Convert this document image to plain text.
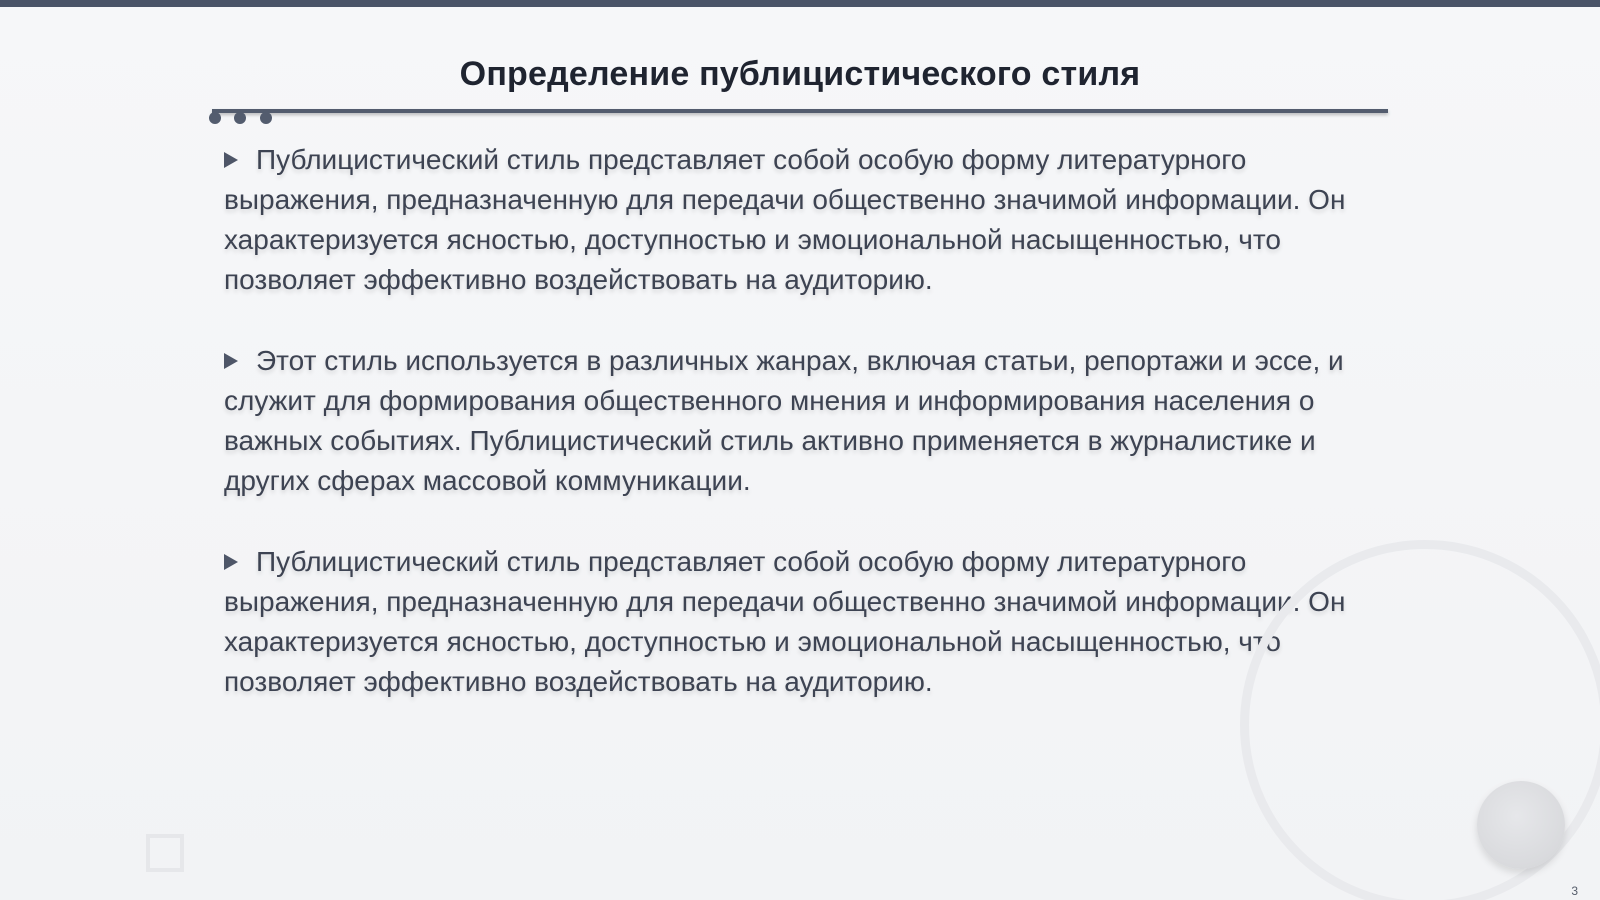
Определение публицистического стиля

Публицистический стиль представляет собой особую форму литературного выражения, предназначенную для передачи общественно значимой информации. Он характеризуется ясностью, доступностью и эмоциональной насыщенностью, что позволяет эффективно воздействовать на аудиторию.

Этот стиль используется в различных жанрах, включая статьи, репортажи и эссе, и служит для формирования общественного мнения и информирования населения о важных событиях. Публицистический стиль активно применяется в журналистике и других сферах массовой коммуникации.

Публицистический стиль представляет собой особую форму литературного выражения, предназначенную для передачи общественно значимой информации. Он характеризуется ясностью, доступностью и эмоциональной насыщенностью, что позволяет эффективно воздействовать на аудиторию.

3
